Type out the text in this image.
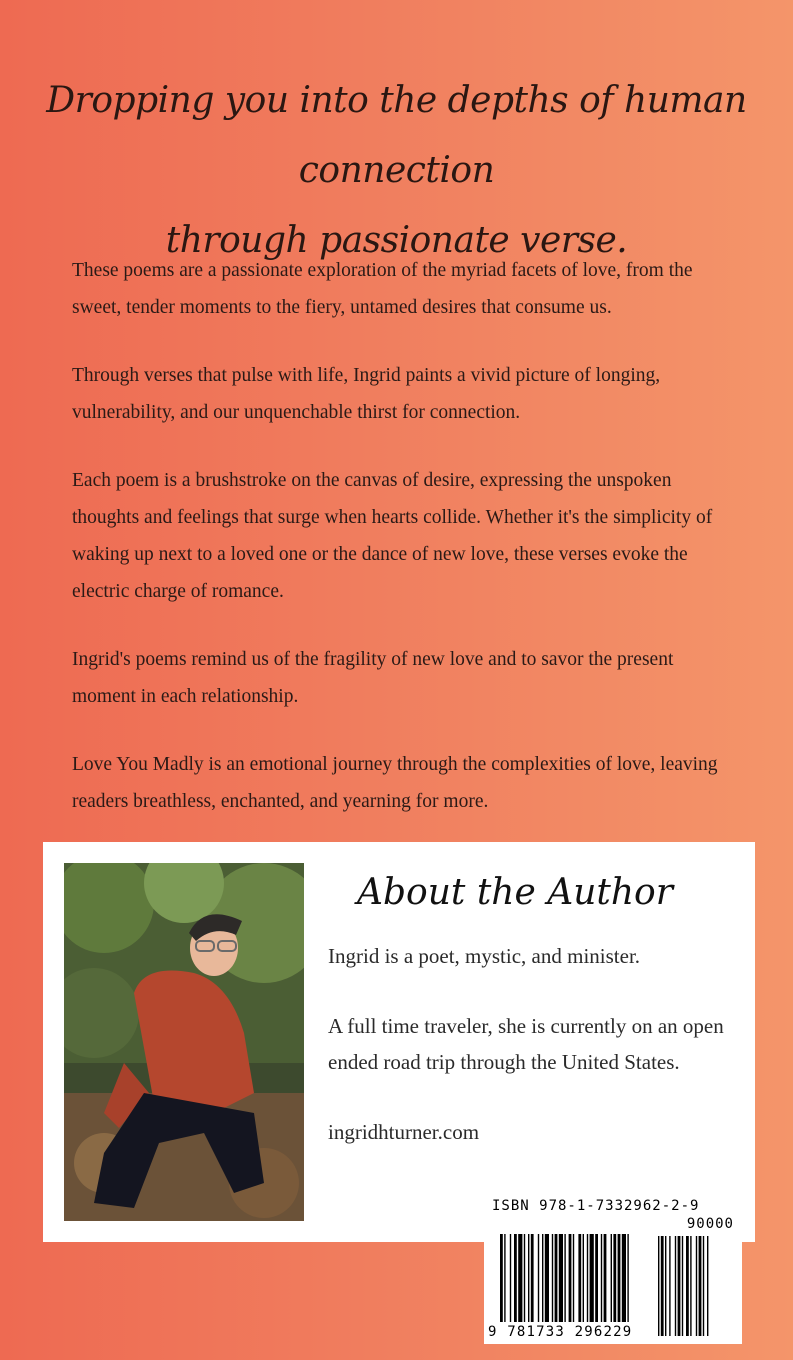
Dropping you into the depths of human connection
through passionate verse.

These poems are a passionate exploration of the myriad facets of love, from the sweet, tender moments to the fiery, untamed desires that consume us.

Through verses that pulse with life, Ingrid paints a vivid picture of longing, vulnerability, and our unquenchable thirst for connection.

Each poem is a brushstroke on the canvas of desire, expressing the unspoken thoughts and feelings that surge when hearts collide. Whether it's the simplicity of waking up next to a loved one or the dance of new love, these verses evoke the electric charge of romance.

Ingrid's poems remind us of the fragility of new love and to savor the present moment in each relationship.

Love You Madly is an emotional journey through the complexities of love, leaving readers breathless, enchanted, and yearning for more.

About the Author

Ingrid is a poet, mystic, and minister.

A full time traveler, she is currently on an open ended road trip through the United States.

ingridhturner.com

ISBN 978-1-7332962-2-9
90000
9 781733 296229
